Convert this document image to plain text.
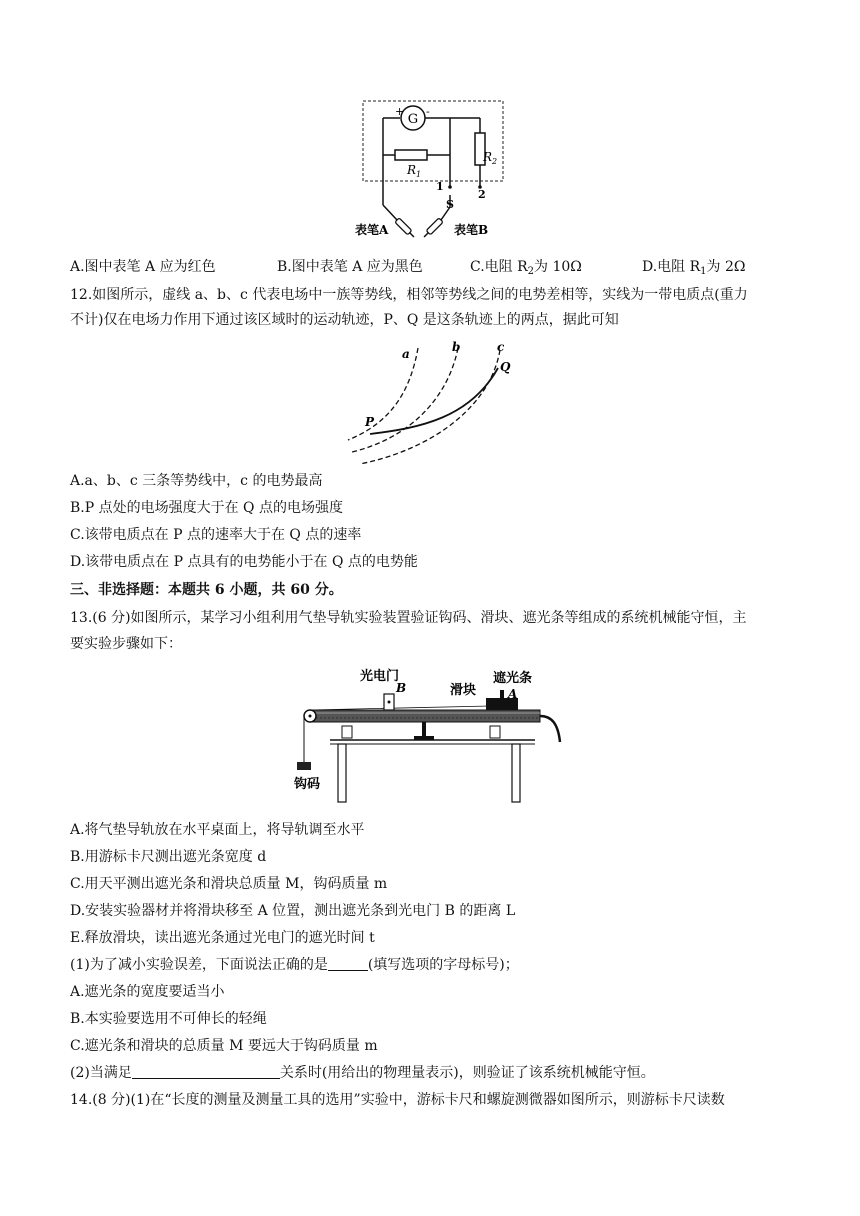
G
+ -
$R_1$
$R_2$
1
2
S
表笔A	表笔B
A.图中表笔 A 应为红色	B.图中表笔 A 应为黑色	C.电阻 $R_2$为 10Ω	D.电阻 $R_1$为 2Ω
12.如图所示，虚线 a、b、c 代表电场中一族等势线，相邻等势线之间的电势差相等，实线为一带电质点(重力
不计)仅在电场力作用下通过该区域时的运动轨迹，P、Q 是这条轨迹上的两点，据此可知
a	b	c
P
Q
A.a、b、c 三条等势线中，c 的电势最高
B.P 点处的电场强度大于在 Q 点的电场强度
C.该带电质点在 P 点的速率大于在 Q 点的速率
D.该带电质点在 P 点具有的电势能小于在 Q 点的电势能
三、非选择题：本题共 6 小题，共 60 分。
13.(6 分)如图所示，某学习小组利用气垫导轨实验装置验证钩码、滑块、遮光条等组成的系统机械能守恒，主
要实验步骤如下：
钩码
光电门
B	滑块
遮光条
A
A.将气垫导轨放在水平桌面上，将导轨调至水平
B.用游标卡尺测出遮光条宽度 d
C.用天平测出遮光条和滑块总质量 M，钩码质量 m
D.安装实验器材并将滑块移至 A 位置，测出遮光条到光电门 B 的距离 L
E.释放滑块，读出遮光条通过光电门的遮光时间 t
(1)为了减小实验误差，下面说法正确的是	(填写选项的字母标号)；
A.遮光条的宽度要适当小
B.本实验要选用不可伸长的轻绳
C.遮光条和滑块的总质量 M 要远大于钩码质量 m
(2)当满足	关系时(用给出的物理量表示)，则验证了该系统机械能守恒。
14.(8 分)(1)在“长度的测量及测量工具的选用”实验中，游标卡尺和螺旋测微器如图所示，则游标卡尺读数
